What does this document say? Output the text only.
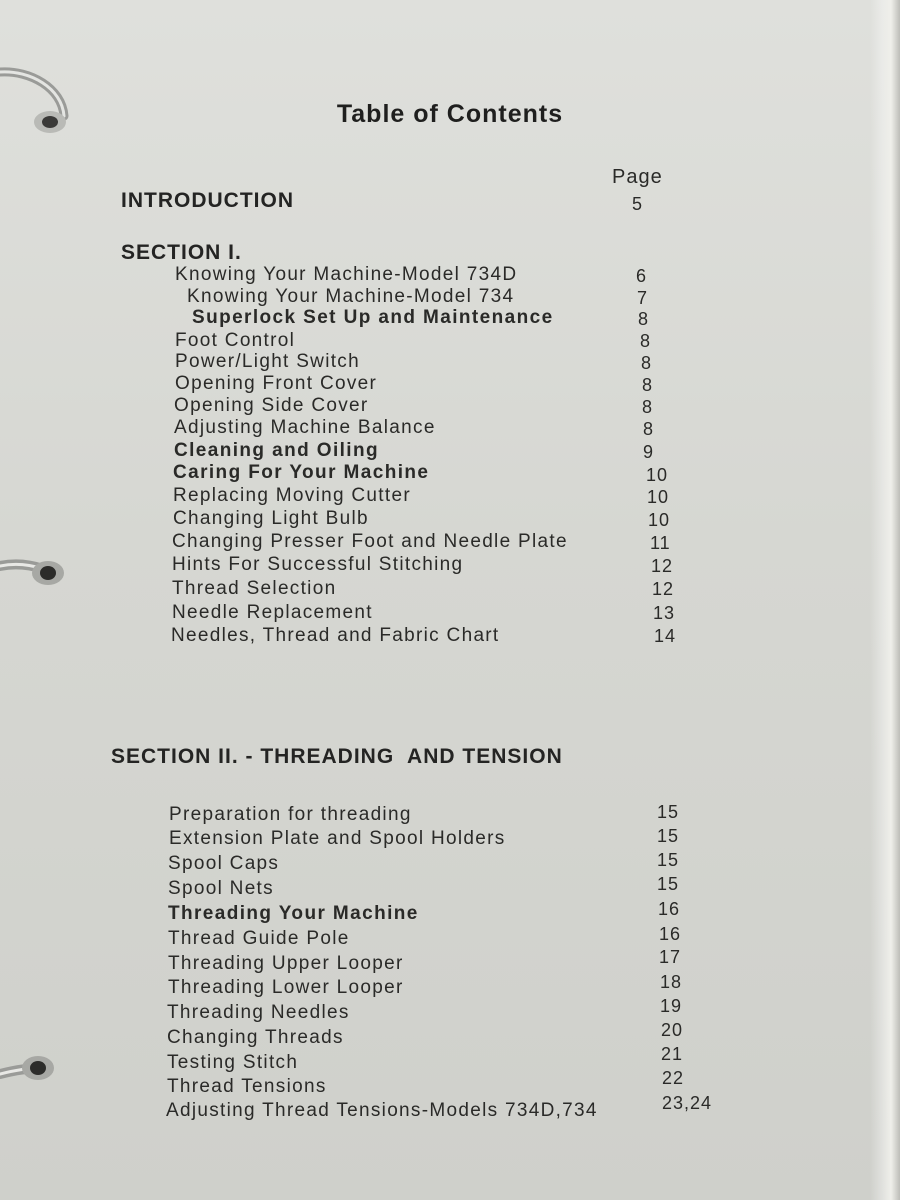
Table of Contents
Page
INTRODUCTION	5
SECTION I.
Knowing Your Machine-Model 734D	6
Knowing Your Machine-Model 734	7
Superlock Set Up and Maintenance	8
Foot Control	8
Power/Light Switch	8
Opening Front Cover	8
Opening Side Cover	8
Adjusting Machine Balance	8
Cleaning and Oiling	9
Caring For Your Machine	10
Replacing Moving Cutter	10
Changing Light Bulb	10
Changing Presser Foot and Needle Plate	11
Hints For Successful Stitching	12
Thread Selection	12
Needle Replacement	13
Needles, Thread and Fabric Chart	14
SECTION II. - THREADING  AND TENSION
Preparation for threading	15
Extension Plate and Spool Holders	15
Spool Caps	15
Spool Nets	15
Threading Your Machine	16
Thread Guide Pole	16
Threading Upper Looper	17
Threading Lower Looper	18
Threading Needles	19
Changing Threads	20
Testing Stitch	21
Thread Tensions	22
Adjusting Thread Tensions-Models 734D,734	23,24
